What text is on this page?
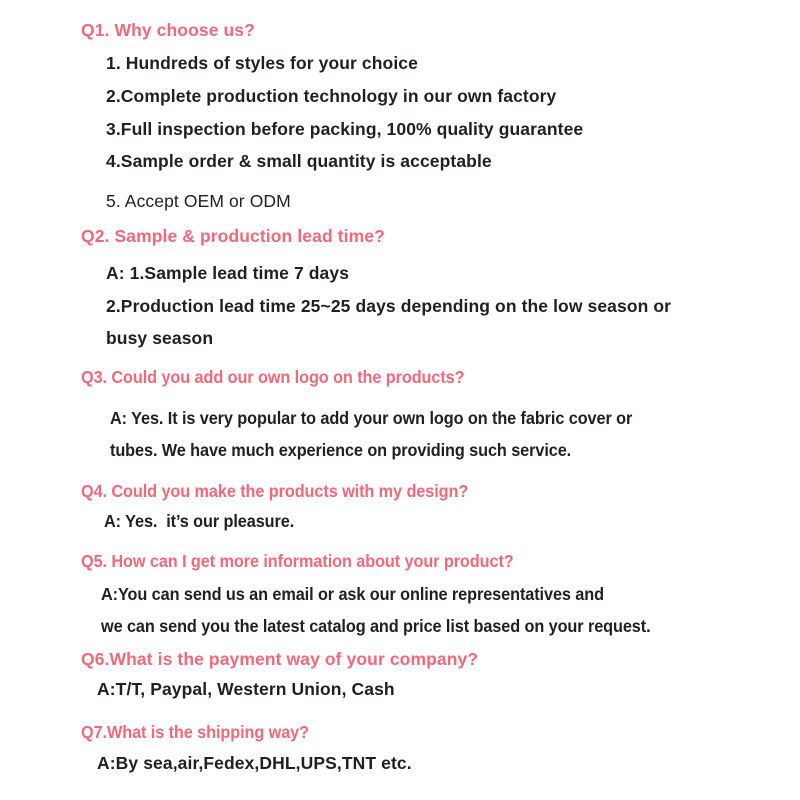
Q1. Why choose us?
1. Hundreds of styles for your choice
2.Complete production technology in our own factory
3.Full inspection before packing, 100% quality guarantee
4.Sample order & small quantity is acceptable
5. Accept OEM or ODM
Q2. Sample & production lead time?
A: 1.Sample lead time 7 days
2.Production lead time 25~25 days depending on the low season or
busy season
Q3. Could you add our own logo on the products?
A: Yes. It is very popular to add your own logo on the fabric cover or
tubes. We have much experience on providing such service.
Q4. Could you make the products with my design?
A: Yes.  it’s our pleasure.
Q5. How can I get more information about your product?
A:You can send us an email or ask our online representatives and
we can send you the latest catalog and price list based on your request.
Q6.What is the payment way of your company?
A:T/T, Paypal, Western Union, Cash
Q7.What is the shipping way?
A:By sea,air,Fedex,DHL,UPS,TNT etc.
